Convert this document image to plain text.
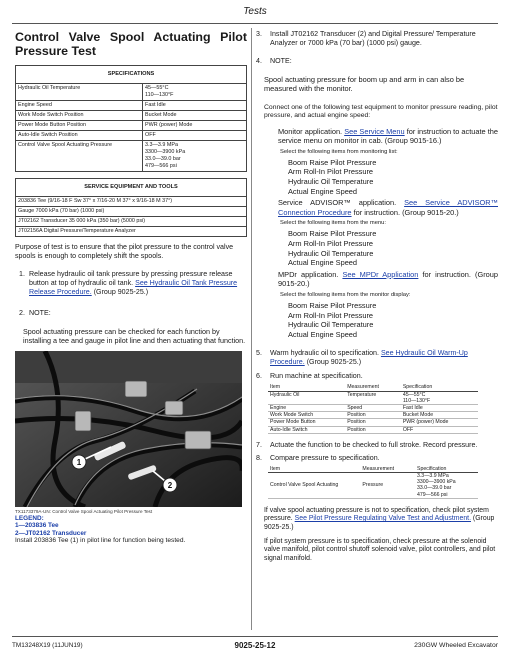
Tests
Control Valve Spool Actuating Pilot Pressure Test
SPECIFICATIONS	
Hydraulic Oil Temperature	45—55°C
110—130°F
Engine Speed	Fast Idle
Work Mode Switch Position	Bucket Mode
Power Mode Button Position	PWR (power) Mode
Auto-Idle Switch Position	OFF
Control Valve Spool Actuating Pressure	3.3—3.9 MPa
3300—3900 kPa
33.0—39.0 bar
479—566 psi
SERVICE EQUIPMENT AND TOOLS
203836 Tee (9/16-18 F Sw 37° x 7/16-20 M 37° x 9/16-18 M 37°)
Gauge 7000 kPa (70 bar) (1000 psi)
JT02162 Transducer 35 000 kPa (350 bar) (5000 psi)
JT02156A Digital Pressure/Temperature Analyzer

Purpose of test is to ensure that the pilot pressure to the control valve spools is enough to completely shift the spools.

1. Release hydraulic oil tank pressure by pressing pressure release button at top of hydraulic oil tank. See Hydraulic Oil Tank Pressure Release Procedure. (Group 9025-25.)
2. NOTE:

Spool actuating pressure can be checked for each function by installing a tee and gauge in pilot line and then actuating that function.

1
2
TX1173379A-UN: Control Valve Spool Actuating Pilot Pressure Test
LEGEND:
1—203836 Tee
2—JT02162 Transducer
Install 203836 Tee (1) in pilot line for function being tested.
3. Install JT02162 Transducer (2) and Digital Pressure/ Temperature Analyzer or 7000 kPa (70 bar) (1000 psi) gauge.
4. NOTE:

Spool actuating pressure for boom up and arm in can also be measured with the monitor.

Connect one of the following test equipment to monitor pressure reading, pilot pressure, and actual engine speed:

Monitor application. See Service Menu for instruction to actuate the service menu on monitor in cab. (Group 9015-16.)
Select the following items from monitoring list:
Boom Raise Pilot Pressure
Arm Roll-In Pilot Pressure
Hydraulic Oil Temperature
Actual Engine Speed
Service ADVISOR™ application. See Service ADVISOR™ Connection Procedure for instruction. (Group 9015-20.)
Select the following items from the menu:
Boom Raise Pilot Pressure
Arm Roll-In Pilot Pressure
Hydraulic Oil Temperature
Actual Engine Speed
MPDr application. See MPDr Application for instruction. (Group 9015-20.)
Select the following items from the monitor display:
Boom Raise Pilot Pressure
Arm Roll-In Pilot Pressure
Hydraulic Oil Temperature
Actual Engine Speed
5. Warm hydraulic oil to specification. See Hydraulic Oil Warm-Up Procedure. (Group 9025-25.)
6. Run machine at specification.
Item	Measurement	Specification
Hydraulic Oil	Temperature	45—55°C
110—130°F
Engine	Speed	Fast Idle
Work Mode Switch	Position	Bucket Mode
Power Mode Button	Position	PWR (power) Mode
Auto-Idle Switch	Position	OFF
7. Actuate the function to be checked to full stroke. Record pressure.
8. Compare pressure to specification.
Item	Measurement	Specification
Control Valve Spool Actuating	Pressure	3.3—3.9 MPa
3300—3900 kPa
33.0—39.0 bar
479—566 psi

If valve spool actuating pressure is not to specification, check pilot system pressure. See Pilot Pressure Regulating Valve Test and Adjustment. (Group 9025-25.)

If pilot system pressure is to specification, check pressure at the solenoid valve manifold, pilot control shutoff solenoid valve, pilot controllers, and pilot signal manifold.

TM13248X19 (11JUN19)	9025-25-12	230GW Wheeled Excavator
